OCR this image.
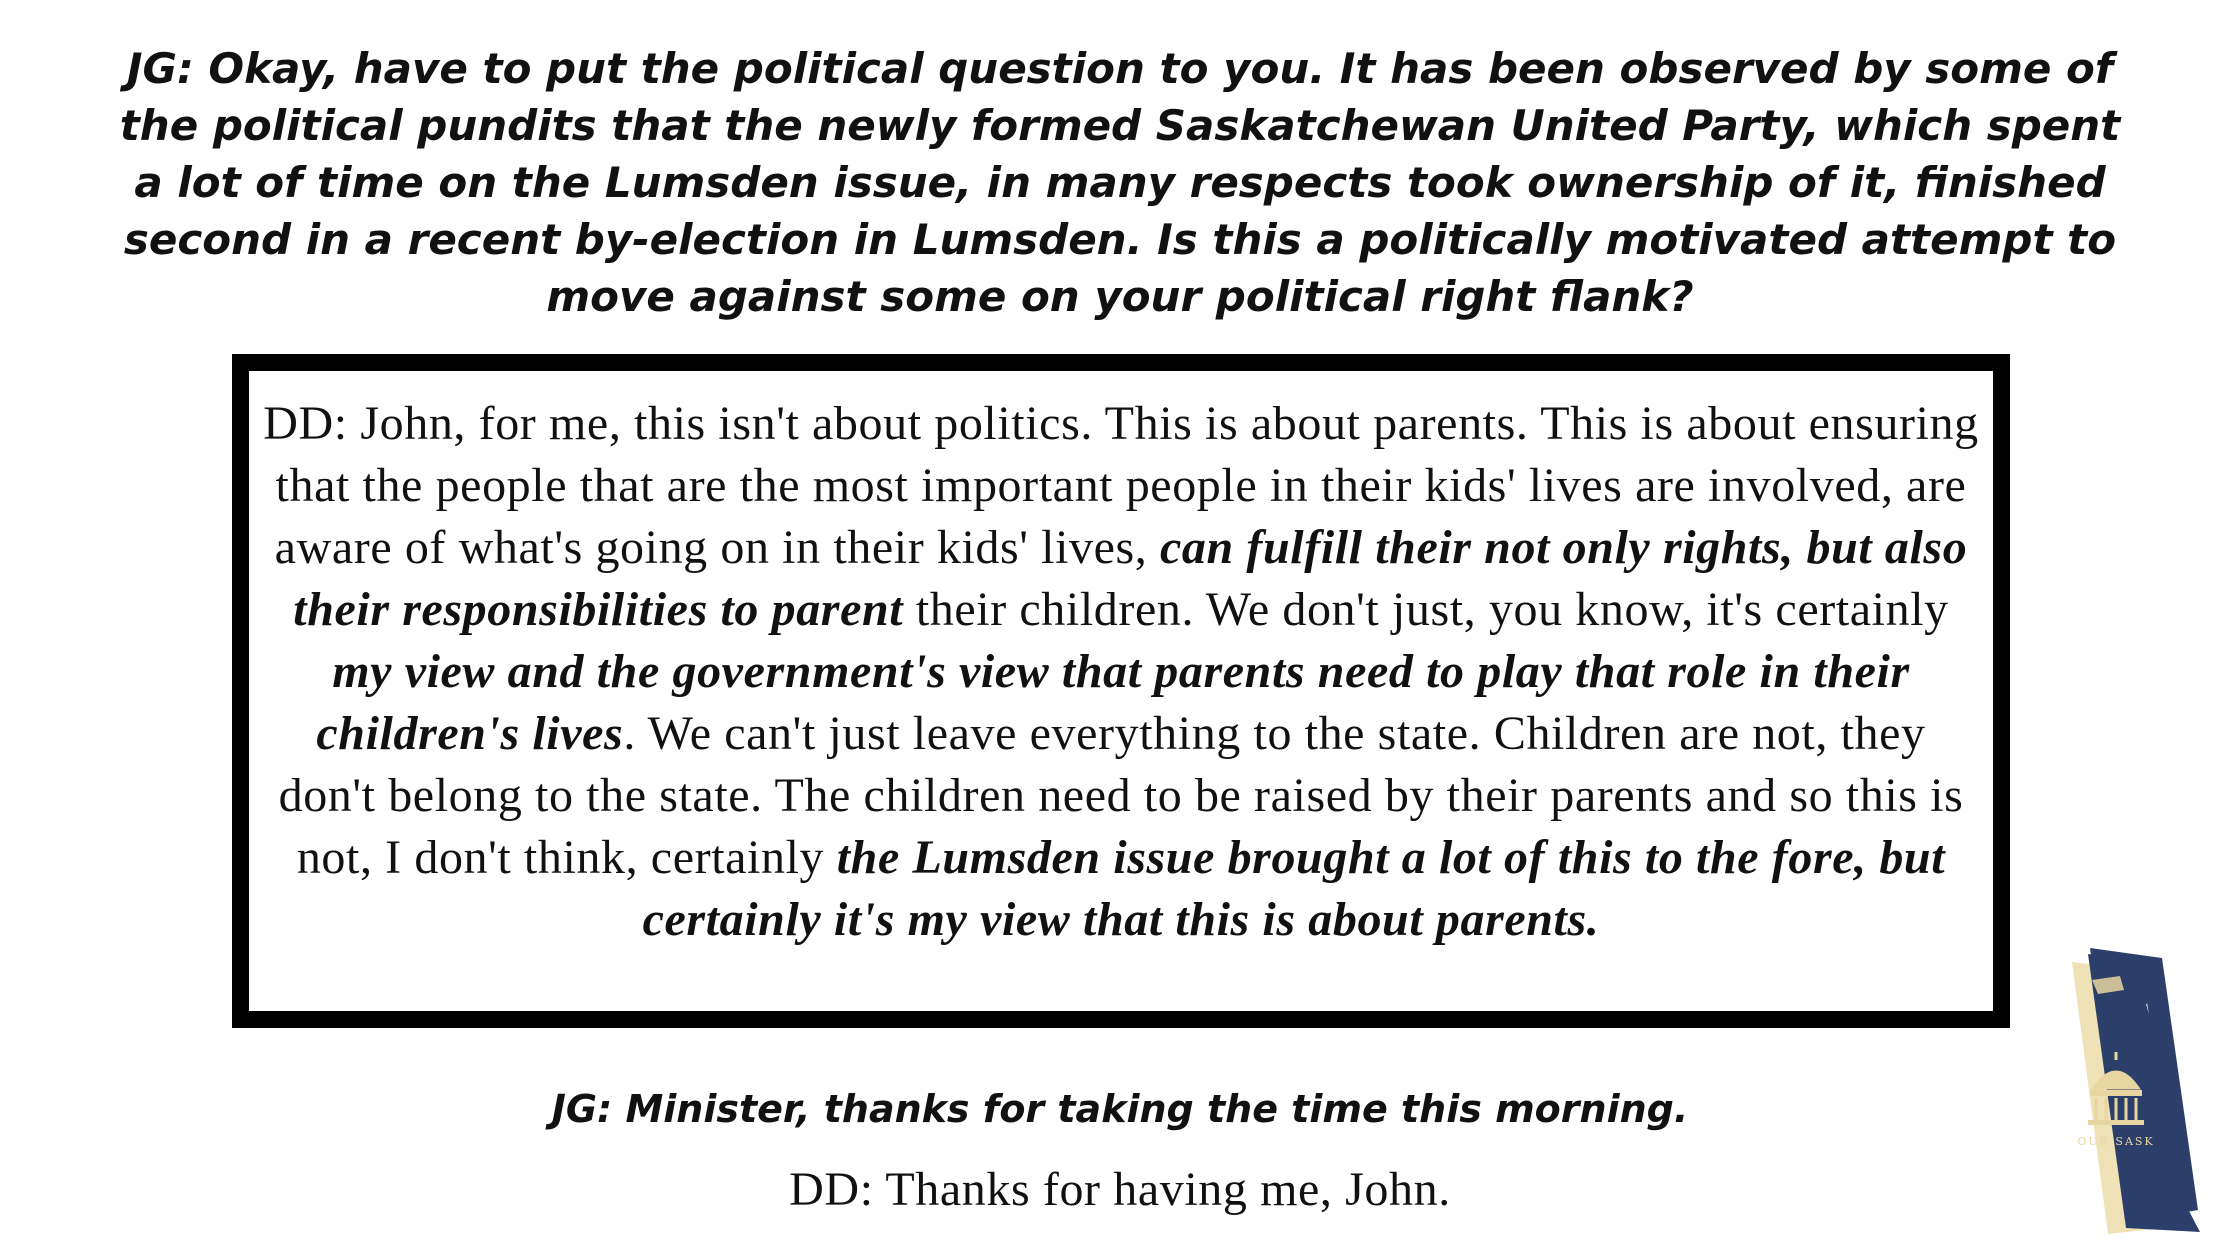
JG: Okay, have to put the political question to you. It has been observed by some of the political pundits that the newly formed Saskatchewan United Party, which spent a lot of time on the Lumsden issue, in many respects took ownership of it, finished second in a recent by-election in Lumsden. Is this a politically motivated attempt to move against some on your political right flank?

DD: John, for me, this isn't about politics. This is about parents. This is about ensuring that the people that are the most important people in their kids' lives are involved, are aware of what's going on in their kids' lives, can fulfill their not only rights, but also their responsibilities to parent their children. We don't just, you know, it's certainly my view and the government's view that parents need to play that role in their children's lives. We can't just leave everything to the state. Children are not, they don't belong to the state. The children need to be raised by their parents and so this is not, I don't think, certainly the Lumsden issue brought a lot of this to the fore, but certainly it's my view that this is about parents.

JG: Minister, thanks for taking the time this morning.

DD: Thanks for having me, John.

OUR SASK
